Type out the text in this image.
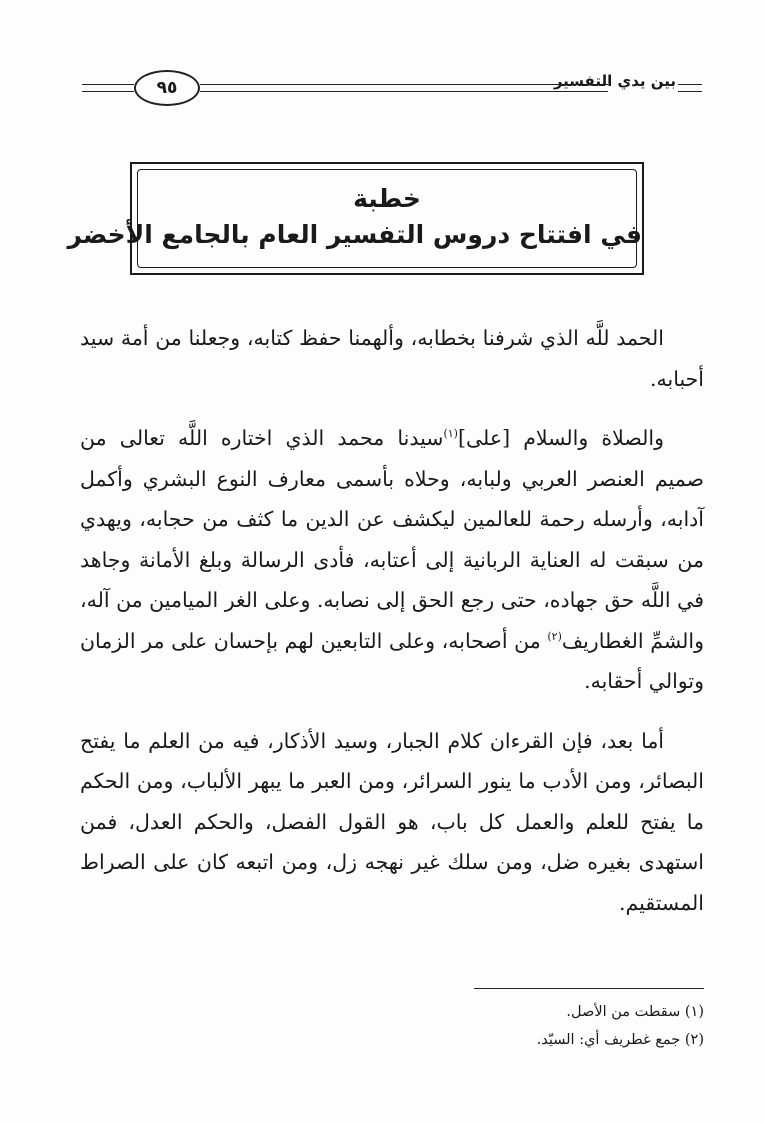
٩٥	بين يدي التفسير
خطبة
في افتتاح دروس التفسير العام بالجامع الأخضر

الحمد للَّه الذي شرفنا بخطابه، وألهمنا حفظ كتابه، وجعلنا من أمة سيد أحبابه.

والصلاة والسلام [على]$^{(١)}$سيدنا محمد الذي اختاره اللَّه تعالى من صميم العنصر العربي ولبابه، وحلاه بأسمى معارف النوع البشري وأكمل آدابه، وأرسله رحمة للعالمين ليكشف عن الدين ما كثف من حجابه، ويهدي من سبقت له العناية الربانية إلى أعتابه، فأدى الرسالة وبلغ الأمانة وجاهد في اللَّه حق جهاده، حتى رجع الحق إلى نصابه. وعلى الغر الميامين من آله، والشمِّ الغطاريف$^{(٢)}$ من أصحابه، وعلى التابعين لهم بإحسان على مر الزمان وتوالي أحقابه.

أما بعد، فإن القرءان كلام الجبار، وسيد الأذكار، فيه من العلم ما يفتح البصائر، ومن الأدب ما ينور السرائر، ومن العبر ما يبهر الألباب، ومن الحكم ما يفتح للعلم والعمل كل باب، هو القول الفصل، والحكم العدل، فمن استهدى بغيره ضل، ومن سلك غير نهجه زل، ومن اتبعه كان على الصراط المستقيم.

(١) سقطت من الأصل.
(٢) جمع غطريف أي: السيّد.
